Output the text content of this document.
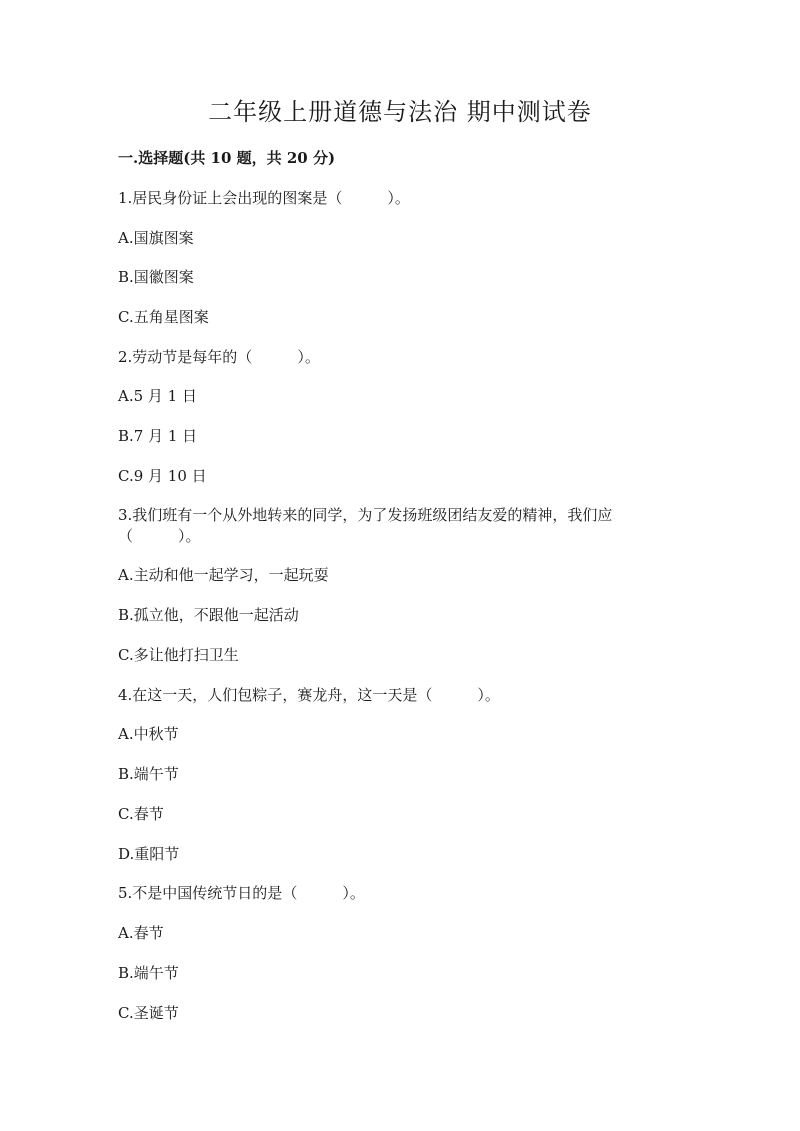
二年级上册道德与法治 期中测试卷

一.选择题(共 10 题，共 20 分)

1.居民身份证上会出现的图案是（　　　）。

A.国旗图案

B.国徽图案

C.五角星图案

2.劳动节是每年的（　　　）。

A.5 月 1 日

B.7 月 1 日

C.9 月 10 日

3.我们班有一个从外地转来的同学，为了发扬班级团结友爱的精神，我们应（　　　）。

A.主动和他一起学习，一起玩耍

B.孤立他，不跟他一起活动

C.多让他打扫卫生

4.在这一天，人们包粽子，赛龙舟，这一天是（　　　）。

A.中秋节

B.端午节

C.春节

D.重阳节

5.不是中国传统节日的是（　　　）。

A.春节

B.端午节

C.圣诞节
